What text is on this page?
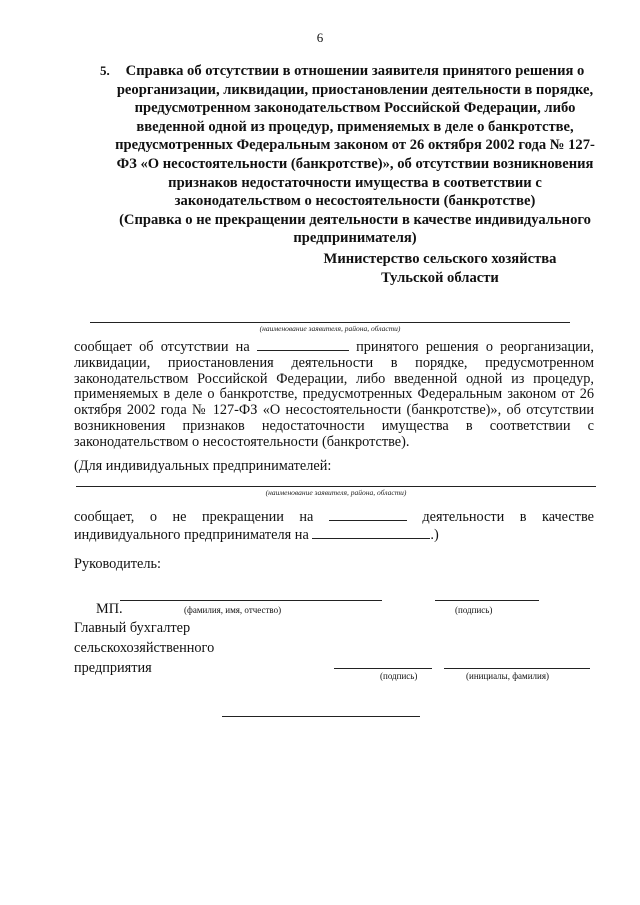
6
5.	Справка об отсутствии в отношении заявителя принятого решения о реорганизации, ликвидации, приостановлении деятельности в порядке, предусмотренном законодательством Российской Федерации, либо введенной одной из процедур, применяемых в деле о банкротстве, предусмотренных Федеральным законом от 26 октября 2002 года № 127-ФЗ «О несостоятельности (банкротстве)», об отсутствии возникновения признаков недостаточности имущества в соответствии с законодательством о несостоятельности (банкротстве)
(Справка о не прекращении деятельности в качестве индивидуального предпринимателя)
Министерство сельского хозяйства
Тульской области
(наименование заявителя, района, области)
сообщает об отсутствии на	принятого решения о реорганизации, ликвидации, приостановления деятельности в порядке, предусмотренном законодательством Российской Федерации, либо введенной одной из процедур, применяемых в деле о банкротстве, предусмотренных Федеральным законом от 26 октября 2002 года № 127-ФЗ «О несостоятельности (банкротстве)», об отсутствии возникновения признаков недостаточности имущества в соответствии с законодательством о несостоятельности (банкротстве).
(Для индивидуальных предпринимателей:
(наименование заявителя, района, области)
сообщает, о не прекращении на	деятельности в качестве индивидуального предпринимателя на	.)
Руководитель:
МП.	(фамилия, имя, отчество)	(подпись)
Главный бухгалтер сельскохозяйственного предприятия	(подпись)	(инициалы, фамилия)
